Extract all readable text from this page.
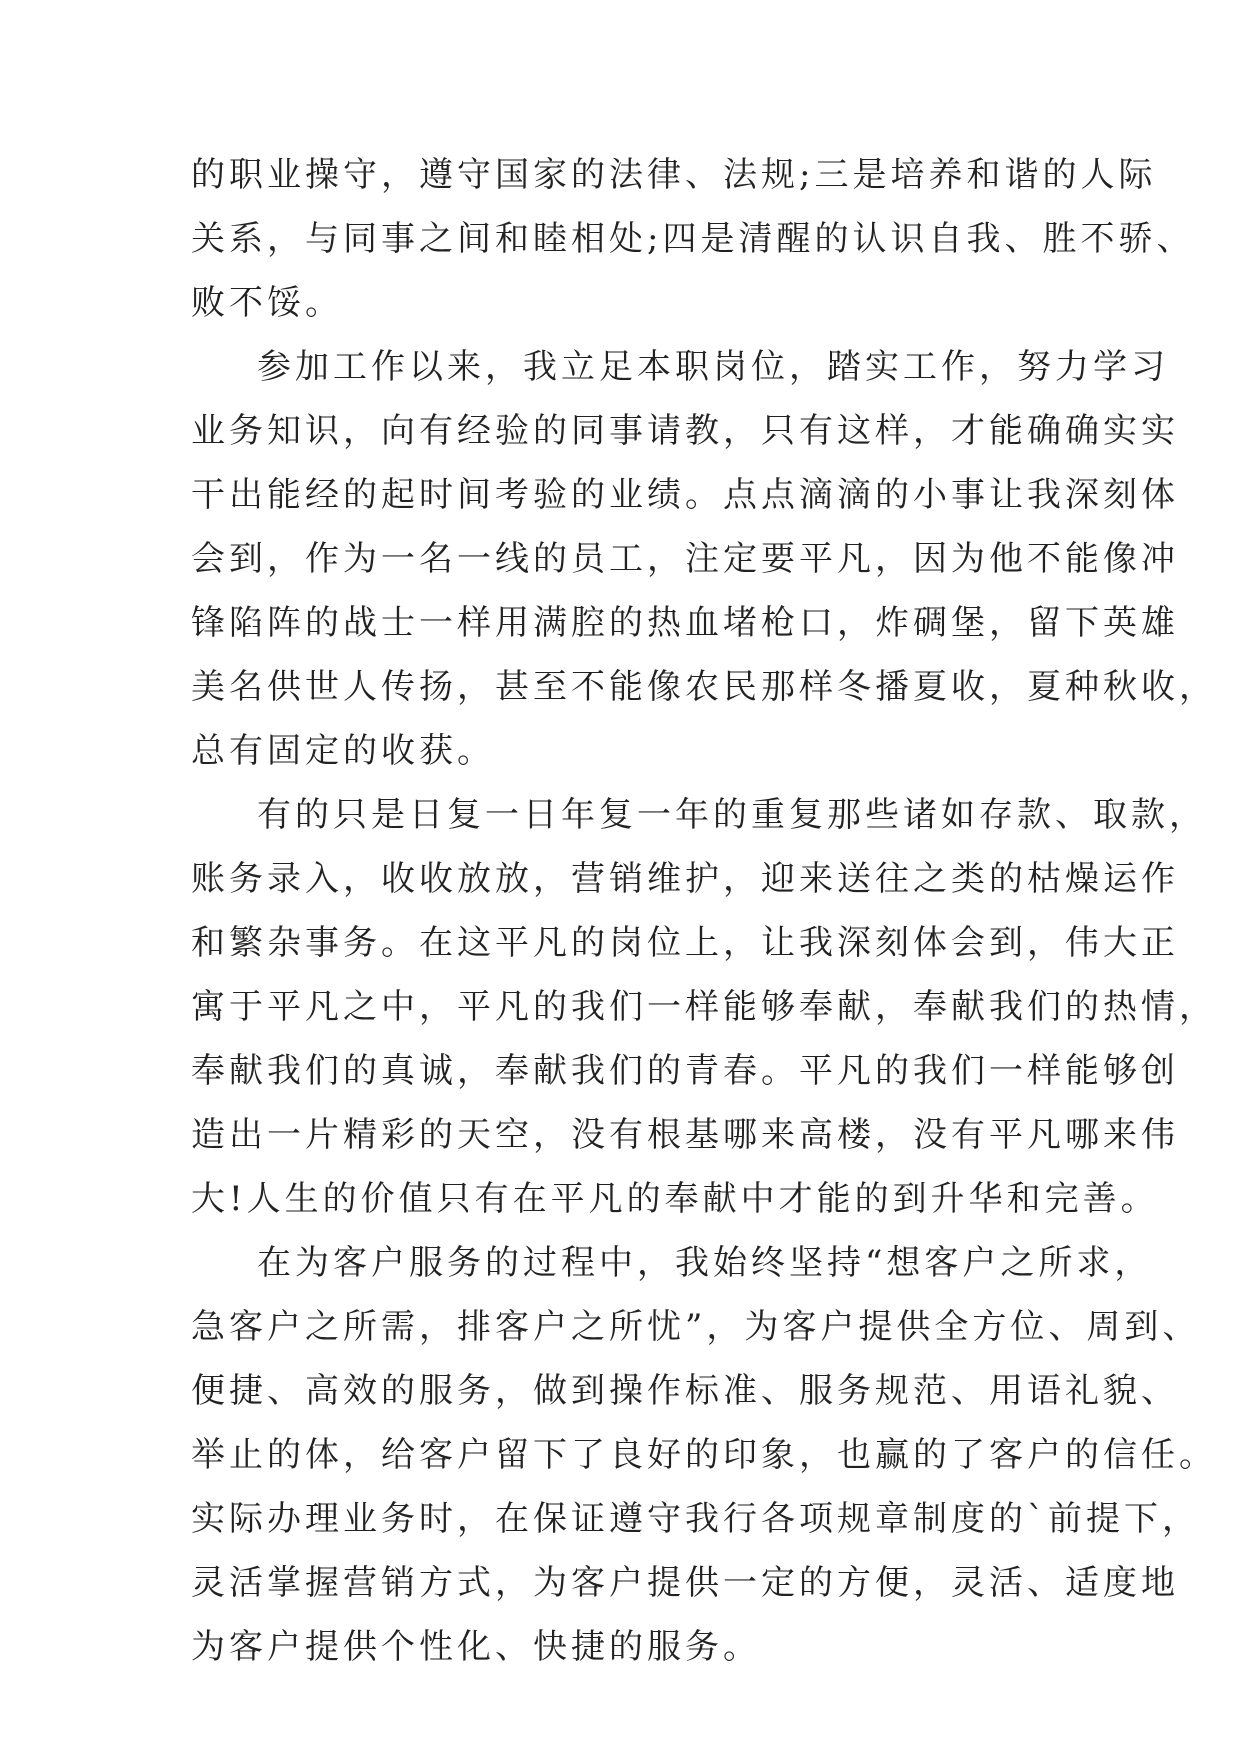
的职业操守，遵守国家的法律、法规;三是培养和谐的人际
关系，与同事之间和睦相处;四是清醒的认识自我、胜不骄、
败不馁。
参加工作以来，我立足本职岗位，踏实工作，努力学习
业务知识，向有经验的同事请教，只有这样，才能确确实实
干出能经的起时间考验的业绩。点点滴滴的小事让我深刻体
会到，作为一名一线的员工，注定要平凡，因为他不能像冲
锋陷阵的战士一样用满腔的热血堵枪口，炸碉堡，留下英雄
美名供世人传扬，甚至不能像农民那样冬播夏收，夏种秋收，
总有固定的收获。
有的只是日复一日年复一年的重复那些诸如存款、取款，
账务录入，收收放放，营销维护，迎来送往之类的枯燥运作
和繁杂事务。在这平凡的岗位上，让我深刻体会到，伟大正
寓于平凡之中，平凡的我们一样能够奉献，奉献我们的热情，
奉献我们的真诚，奉献我们的青春。平凡的我们一样能够创
造出一片精彩的天空，没有根基哪来高楼，没有平凡哪来伟
大!人生的价值只有在平凡的奉献中才能的到升华和完善。
在为客户服务的过程中，我始终坚持“想客户之所求，
急客户之所需，排客户之所忧”，为客户提供全方位、周到、
便捷、高效的服务，做到操作标准、服务规范、用语礼貌、
举止的体，给客户留下了良好的印象，也赢的了客户的信任。
实际办理业务时，在保证遵守我行各项规章制度的`前提下，
灵活掌握营销方式，为客户提供一定的方便，灵活、适度地
为客户提供个性化、快捷的服务。
